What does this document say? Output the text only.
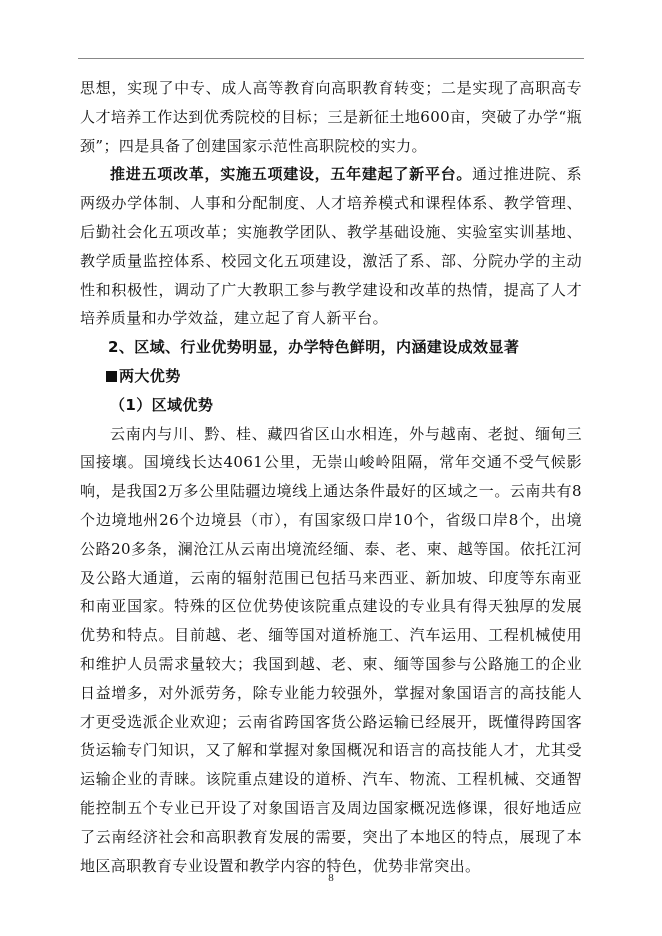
思想，实现了中专、成人高等教育向高职教育转变；二是实现了高职高专人才培养工作达到优秀院校的目标；三是新征土地600亩，突破了办学“瓶颈”；四是具备了创建国家示范性高职院校的实力。

推进五项改革，实施五项建设，五年建起了新平台。通过推进院、系两级办学体制、人事和分配制度、人才培养模式和课程体系、教学管理、后勤社会化五项改革；实施教学团队、教学基础设施、实验室实训基地、教学质量监控体系、校园文化五项建设，激活了系、部、分院办学的主动性和积极性，调动了广大教职工参与教学建设和改革的热情，提高了人才培养质量和办学效益，建立起了育人新平台。

2、区域、行业优势明显，办学特色鲜明，内涵建设成效显著

两大优势

（1）区域优势

云南内与川、黔、桂、藏四省区山水相连，外与越南、老挝、缅甸三国接壤。国境线长达4061公里，无崇山峻岭阻隔，常年交通不受气候影响，是我国2万多公里陆疆边境线上通达条件最好的区域之一。云南共有8个边境地州26个边境县（市），有国家级口岸10个，省级口岸8个，出境公路20多条，澜沧江从云南出境流经缅、泰、老、柬、越等国。依托江河及公路大通道，云南的辐射范围已包括马来西亚、新加坡、印度等东南亚和南亚国家。特殊的区位优势使该院重点建设的专业具有得天独厚的发展优势和特点。目前越、老、缅等国对道桥施工、汽车运用、工程机械使用和维护人员需求量较大；我国到越、老、柬、缅等国参与公路施工的企业日益增多，对外派劳务，除专业能力较强外，掌握对象国语言的高技能人才更受选派企业欢迎；云南省跨国客货公路运输已经展开，既懂得跨国客货运输专门知识，又了解和掌握对象国概况和语言的高技能人才，尤其受运输企业的青睐。该院重点建设的道桥、汽车、物流、工程机械、交通智能控制五个专业已开设了对象国语言及周边国家概况选修课，很好地适应了云南经济社会和高职教育发展的需要，突出了本地区的特点，展现了本地区高职教育专业设置和教学内容的特色，优势非常突出。

8
